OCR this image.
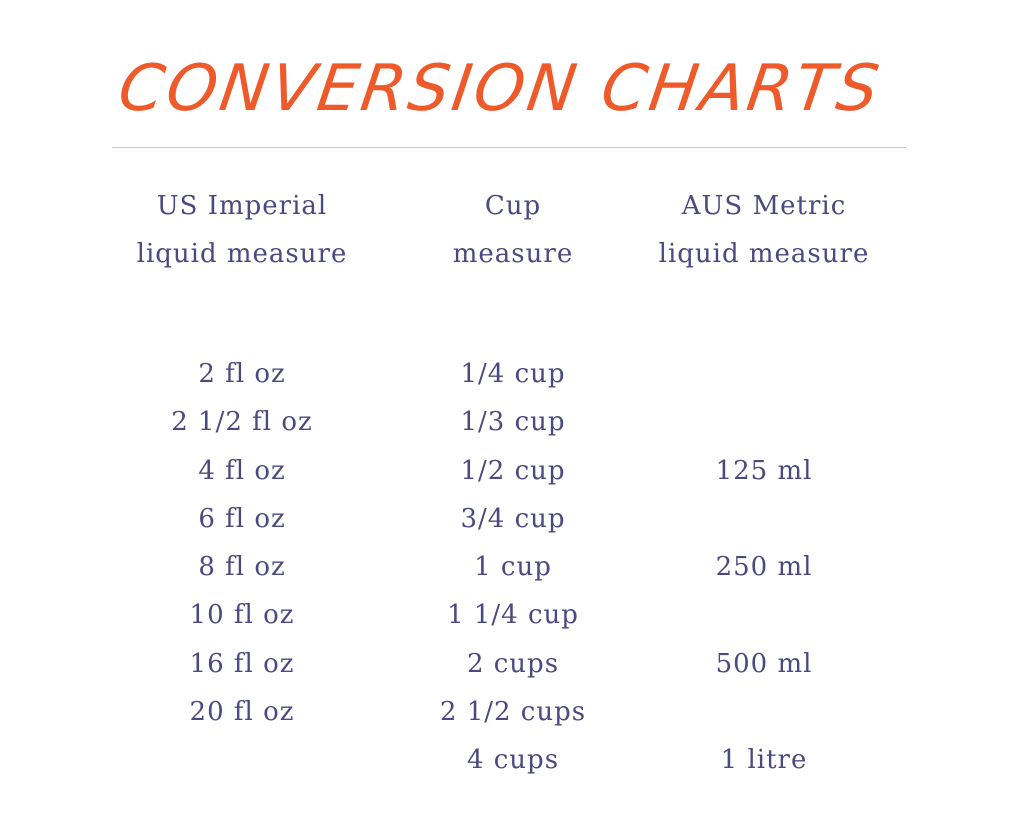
CONVERSION CHARTS
US Imperial
liquid measure
2 fl oz
2 1/2 fl oz
4 fl oz
6 fl oz
8 fl oz
10 fl oz
16 fl oz
20 fl oz
Cup
measure
1/4 cup
1/3 cup
1/2 cup
3/4 cup
1 cup
1 1/4 cup
2 cups
2 1/2 cups
4 cups
AUS Metric
liquid measure
125 ml
250 ml
500 ml
1 litre
